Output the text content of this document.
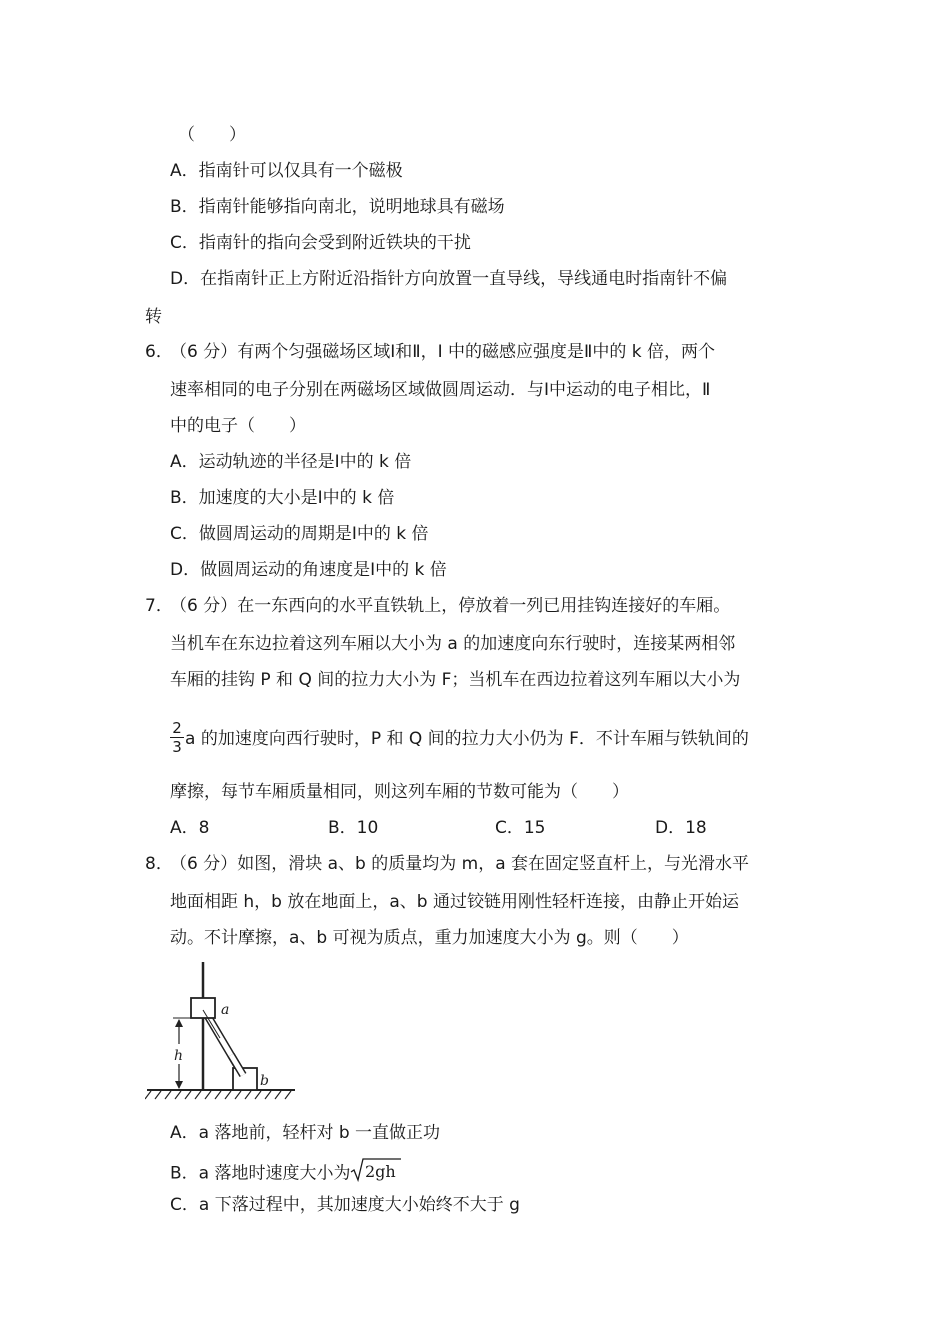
（　　）
A．指南针可以仅具有一个磁极
B．指南针能够指向南北，说明地球具有磁场
C．指南针的指向会受到附近铁块的干扰
D．在指南针正上方附近沿指针方向放置一直导线，导线通电时指南针不偏
转
6．
（6 分）有两个匀强磁场区域Ⅰ和Ⅱ，I 中的磁感应强度是Ⅱ中的 k 倍，两个
速率相同的电子分别在两磁场区域做圆周运动．与Ⅰ中运动的电子相比，Ⅱ
中的电子（　　）
A．运动轨迹的半径是Ⅰ中的 k 倍
B．加速度的大小是Ⅰ中的 k 倍
C．做圆周运动的周期是Ⅰ中的 k 倍
D．做圆周运动的角速度是Ⅰ中的 k 倍
7．
（6 分）在一东西向的水平直铁轨上，停放着一列已用挂钩连接好的车厢。
当机车在东边拉着这列车厢以大小为 a 的加速度向东行驶时，连接某两相邻
车厢的挂钩 P 和 Q 间的拉力大小为 F；当机车在西边拉着这列车厢以大小为
2
3 a 的加速度向西行驶时，P 和 Q 间的拉力大小仍为 F．不计车厢与铁轨间的
摩擦，每节车厢质量相同，则这列车厢的节数可能为（　　）
A．8	B．10	C．15	D．18
8．
（6 分）如图，滑块 a、b 的质量均为 m，a 套在固定竖直杆上，与光滑水平
地面相距 h，b 放在地面上，a、b 通过铰链用刚性轻杆连接，由静止开始运
动。不计摩擦，a、b 可视为质点，重力加速度大小为 g。则（　　）
h
a
b
A．a 落地前，轻杆对 b 一直做正功
B．a 落地时速度大小为 2gh
C．a 下落过程中，其加速度大小始终不大于 g
